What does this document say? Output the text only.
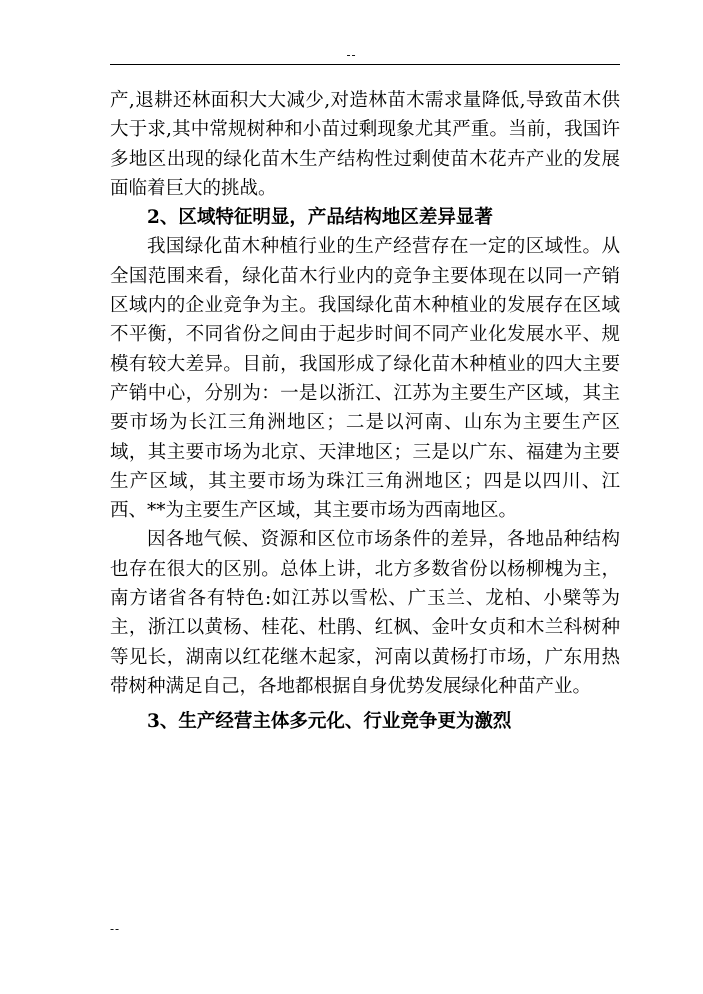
--

产,退耕还林面积大大减少,对造林苗木需求量降低,导致苗木供大于求,其中常规树种和小苗过剩现象尤其严重。当前，我国许多地区出现的绿化苗木生产结构性过剩使苗木花卉产业的发展面临着巨大的挑战。

2、区域特征明显，产品结构地区差异显著

我国绿化苗木种植行业的生产经营存在一定的区域性。从全国范围来看，绿化苗木行业内的竞争主要体现在以同一产销区域内的企业竞争为主。我国绿化苗木种植业的发展存在区域不平衡，不同省份之间由于起步时间不同产业化发展水平、规模有较大差异。目前，我国形成了绿化苗木种植业的四大主要产销中心，分别为：一是以浙江、江苏为主要生产区域，其主要市场为长江三角洲地区；二是以河南、山东为主要生产区域，其主要市场为北京、天津地区；三是以广东、福建为主要生产区域，其主要市场为珠江三角洲地区；四是以四川、江西、**为主要生产区域，其主要市场为西南地区。

因各地气候、资源和区位市场条件的差异，各地品种结构也存在很大的区别。总体上讲，北方多数省份以杨柳槐为主，南方诸省各有特色:如江苏以雪松、广玉兰、龙柏、小檗等为主，浙江以黄杨、桂花、杜鹃、红枫、金叶女贞和木兰科树种等见长，湖南以红花继木起家，河南以黄杨打市场，广东用热带树种满足自己，各地都根据自身优势发展绿化种苗产业。

3、生产经营主体多元化、行业竞争更为激烈

--
